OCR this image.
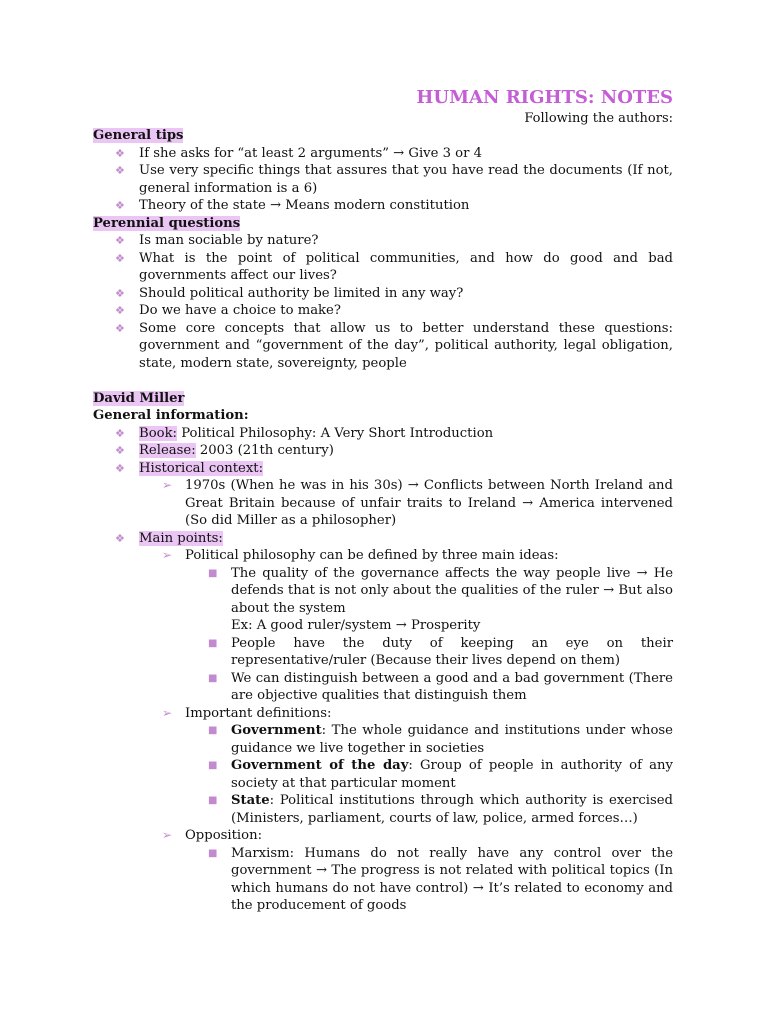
HUMAN RIGHTS: NOTES
Following the authors:
General tips
❖ If she asks for “at least 2 arguments” → Give 3 or 4
❖ Use very specific things that assures that you have read the documents (If not, general information is a 6)
❖ Theory of the state → Means modern constitution
Perennial questions
❖ Is man sociable by nature?
❖ What is the point of political communities, and how do good and bad governments affect our lives?
❖ Should political authority be limited in any way?
❖ Do we have a choice to make?
❖ Some core concepts that allow us to better understand these questions: government and “government of the day”, political authority, legal obligation, state, modern state, sovereignty, people
David Miller
General information:
❖ Book: Political Philosophy: A Very Short Introduction
❖ Release: 2003 (21th century)
❖ Historical context:
➢ 1970s (When he was in his 30s) → Conflicts between North Ireland and Great Britain because of unfair traits to Ireland → America intervened (So did Miller as a philosopher)
❖ Main points:
➢ Political philosophy can be defined by three main ideas:
■ The quality of the governance affects the way people live → He defends that is not only about the qualities of the ruler → But also about the system
Ex: A good ruler/system → Prosperity
■ People have the duty of keeping an eye on their representative/ruler (Because their lives depend on them)
■ We can distinguish between a good and a bad government (There are objective qualities that distinguish them
➢ Important definitions:
■ Government: The whole guidance and institutions under whose guidance we live together in societies
■ Government of the day: Group of people in authority of any society at that particular moment
■ State: Political institutions through which authority is exercised (Ministers, parliament, courts of law, police, armed forces…)
➢ Opposition:
■ Marxism: Humans do not really have any control over the government → The progress is not related with political topics (In which humans do not have control) → It’s related to economy and the producement of goods
